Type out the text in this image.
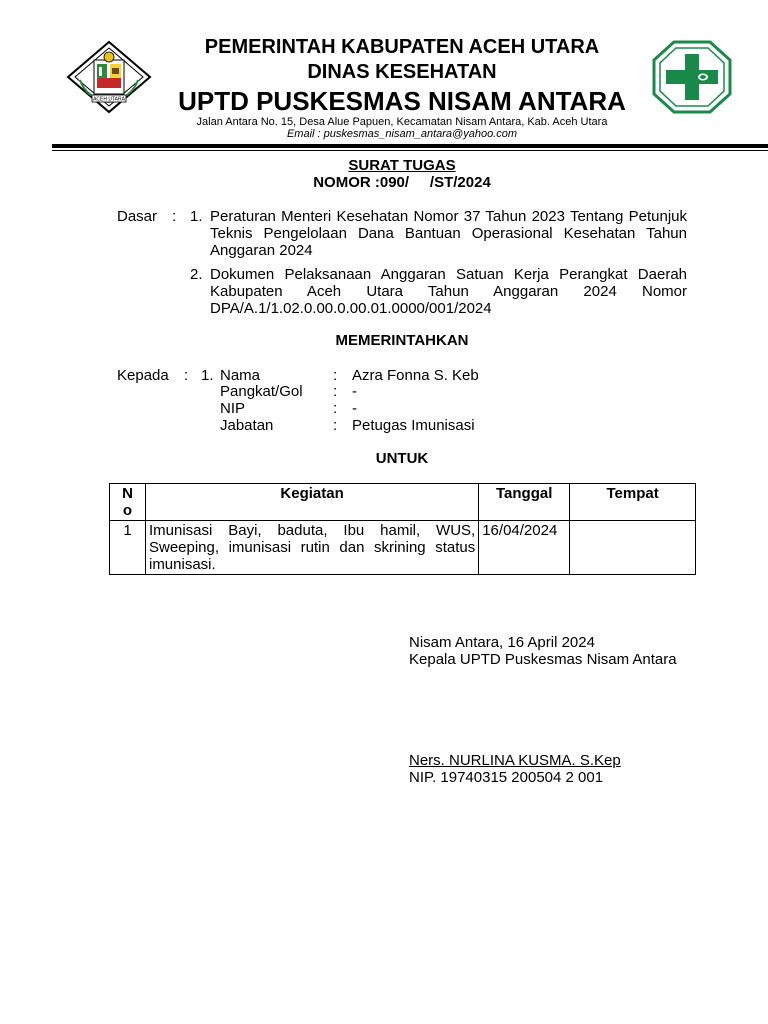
ACEH UTARA
PEMERINTAH KABUPATEN ACEH UTARA
DINAS KESEHATAN
UPTD PUSKESMAS NISAM ANTARA
Jalan Antara No. 15, Desa Alue Papuen, Kecamatan Nisam Antara, Kab. Aceh Utara
Email : puskesmas_nisam_antara@yahoo.com
SURAT TUGAS
NOMOR :090/     /ST/2024
Dasar : 1. Peraturan Menteri Kesehatan Nomor 37 Tahun 2023 Tentang Petunjuk Teknis Pengelolaan Dana Bantuan Operasional Kesehatan Tahun Anggaran 2024
2. Dokumen Pelaksanaan Anggaran Satuan Kerja Perangkat Daerah Kabupaten Aceh Utara Tahun Anggaran 2024 Nomor DPA/A.1/1.02.0.00.0.00.01.0000/001/2024
MEMERINTAHKAN
Kepada : 1. Nama	: Azra Fonna S. Keb
Pangkat/Gol : -
NIP	: -
Jabatan	: Petugas Imunisasi
UNTUK
No	Kegiatan	Tanggal	Tempat
1	Imunisasi Bayi, baduta, Ibu hamil, WUS, Sweeping, imunisasi rutin dan skrining status imunisasi.	16/04/2024	
Nisam Antara, 16 April 2024
Kepala UPTD Puskesmas Nisam Antara
Ners. NURLINA KUSMA. S.Kep
NIP. 19740315 200504 2 001
